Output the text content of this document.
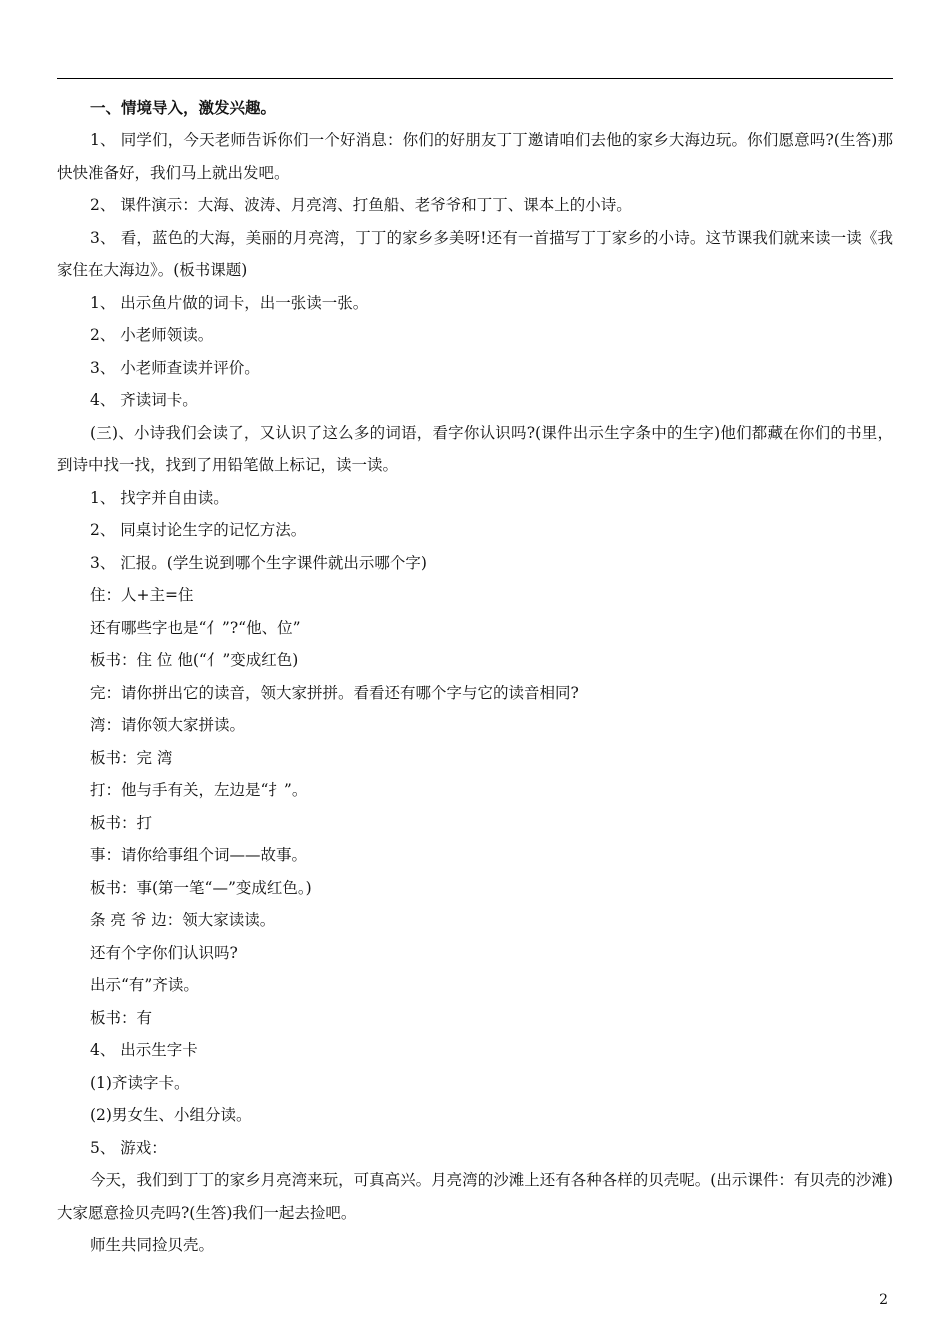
一、情境导入，激发兴趣。

1、 同学们，今天老师告诉你们一个好消息：你们的好朋友丁丁邀请咱们去他的家乡大海边玩。你们愿意吗?(生答)那快快准备好，我们马上就出发吧。

2、 课件演示：大海、波涛、月亮湾、打鱼船、老爷爷和丁丁、课本上的小诗。

3、 看，蓝色的大海，美丽的月亮湾，丁丁的家乡多美呀!还有一首描写丁丁家乡的小诗。这节课我们就来读一读《我家住在大海边》。(板书课题)

1、 出示鱼片做的词卡，出一张读一张。

2、 小老师领读。

3、 小老师查读并评价。

4、 齐读词卡。

(三)、小诗我们会读了，又认识了这么多的词语，看字你认识吗?(课件出示生字条中的生字)他们都藏在你们的书里，到诗中找一找，找到了用铅笔做上标记，读一读。

1、 找字并自由读。

2、 同桌讨论生字的记忆方法。

3、 汇报。(学生说到哪个生字课件就出示哪个字)

住：人+主=住

还有哪些字也是“亻”?“他、位”

板书：住 位 他(“亻”变成红色)

完：请你拼出它的读音，领大家拼拼。看看还有哪个字与它的读音相同?

湾：请你领大家拼读。

板书：完 湾

打：他与手有关，左边是“扌”。

板书：打

事：请你给事组个词——故事。

板书：事(第一笔“—”变成红色。)

条 亮 爷 边：领大家读读。

还有个字你们认识吗?

出示“有”齐读。

板书：有

4、 出示生字卡

(1)齐读字卡。

(2)男女生、小组分读。

5、 游戏：

今天，我们到丁丁的家乡月亮湾来玩，可真高兴。月亮湾的沙滩上还有各种各样的贝壳呢。(出示课件：有贝壳的沙滩)大家愿意捡贝壳吗?(生答)我们一起去捡吧。

师生共同捡贝壳。

2
